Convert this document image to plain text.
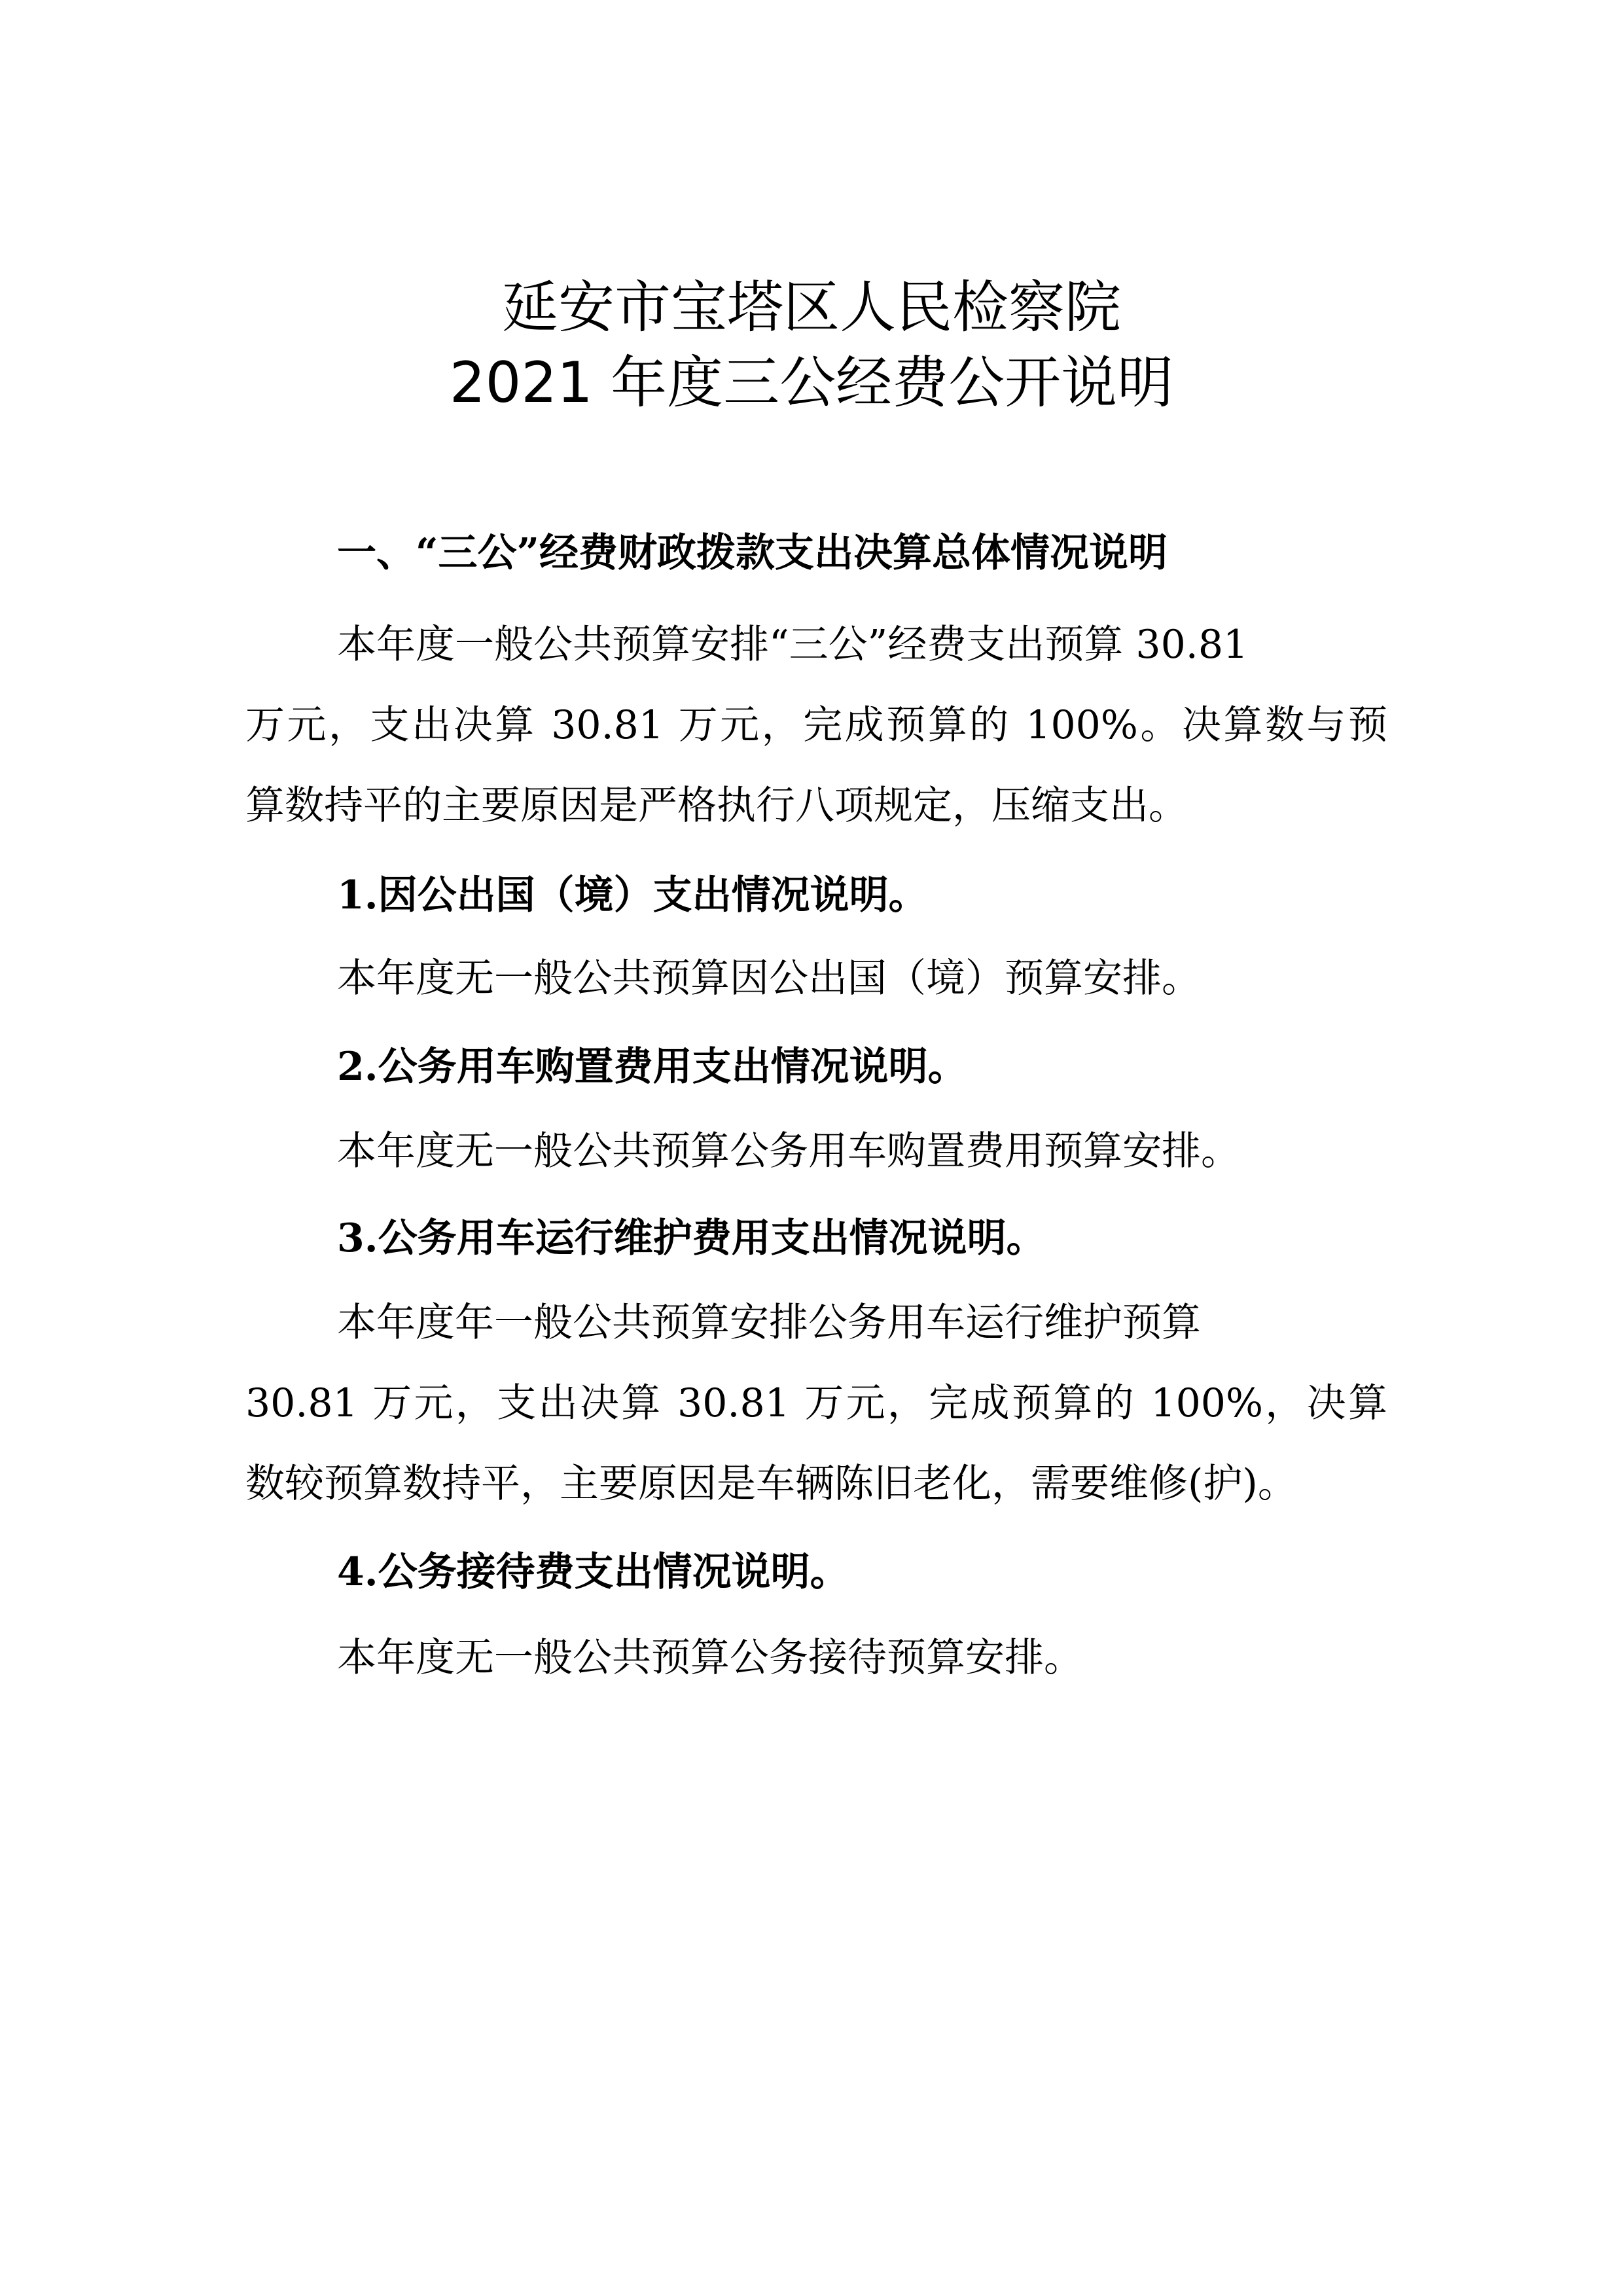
延安市宝塔区人民检察院
2021 年度三公经费公开说明
一、“三公”经费财政拨款支出决算总体情况说明
本年度一般公共预算安排“三公”经费支出预算 30.81
万元，支出决算 30.81 万元，完成预算的 100%。决算数与预
算数持平的主要原因是严格执行八项规定，压缩支出。
1.因公出国（境）支出情况说明。
本年度无一般公共预算因公出国（境）预算安排。
2.公务用车购置费用支出情况说明。
本年度无一般公共预算公务用车购置费用预算安排。
3.公务用车运行维护费用支出情况说明。
本年度年一般公共预算安排公务用车运行维护预算
30.81 万元，支出决算 30.81 万元，完成预算的 100%，决算
数较预算数持平，主要原因是车辆陈旧老化，需要维修(护)。
4.公务接待费支出情况说明。
本年度无一般公共预算公务接待预算安排。
